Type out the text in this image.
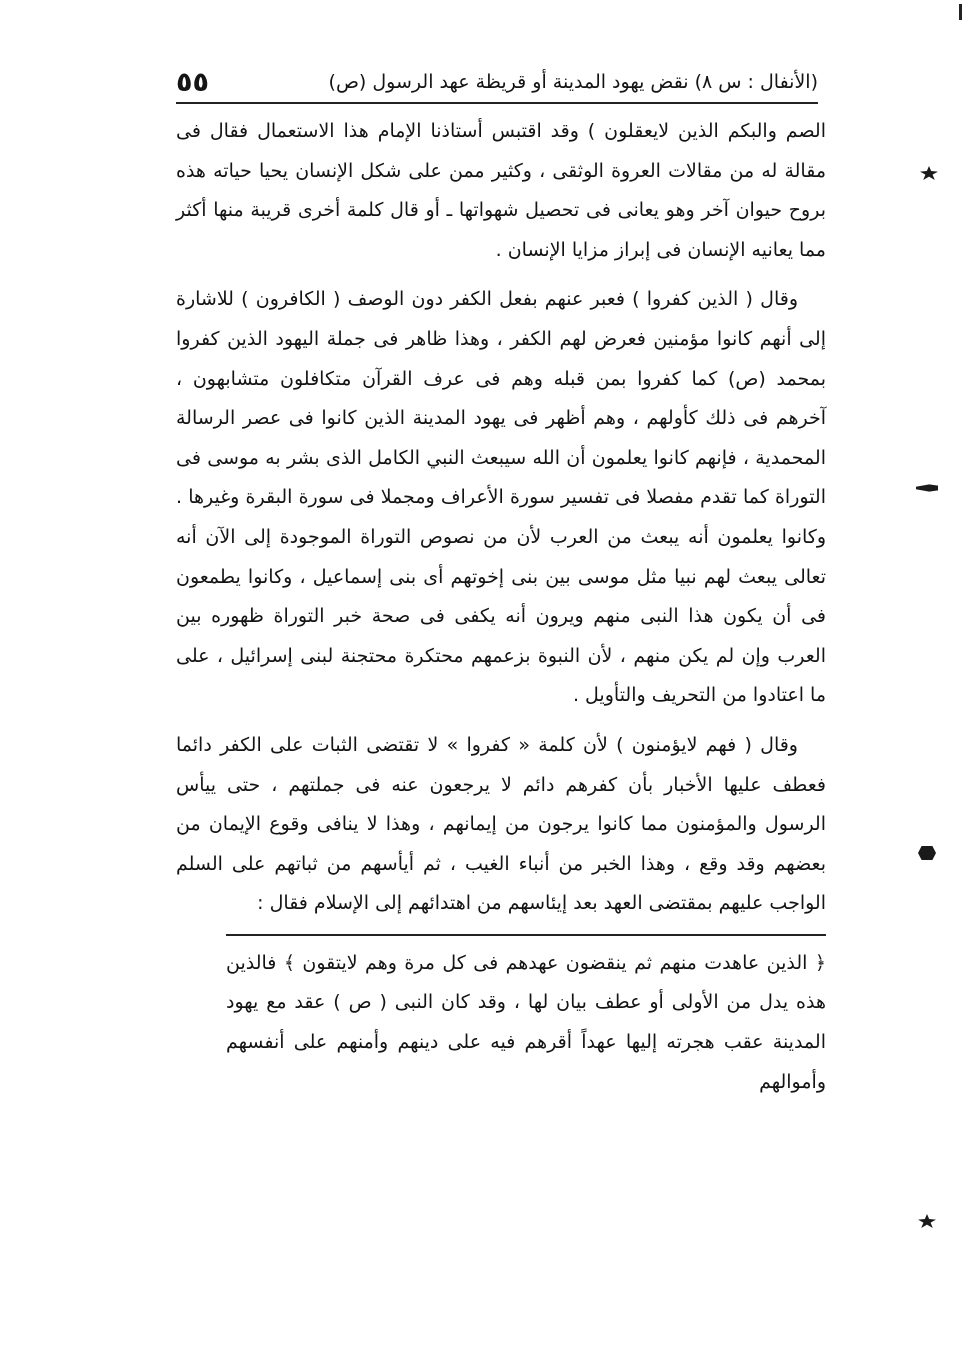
(الأنفال : س ٨) نقض يهود المدينة أو قريظة عهد الرسول (ص)
٥٥

الصم والبكم الذين لايعقلون ) وقد اقتبس أستاذنا الإمام هذا الاستعمال فقال فى مقالة له من مقالات العروة الوثقى ، وكثير ممن على شكل الإنسان يحيا حياته هذه بروح حيوان آخر وهو يعانى فى تحصيل شهواتها ـ أو قال كلمة أخرى قريبة منها أكثر مما يعانيه الإنسان فى إبراز مزايا الإنسان .

وقال ( الذين كفروا ) فعبر عنهم بفعل الكفر دون الوصف ( الكافرون ) للاشارة إلى أنهم كانوا مؤمنين فعرض لهم الكفر ، وهذا ظاهر فى جملة اليهود الذين كفروا بمحمد (ص) كما كفروا بمن قبله وهم فى عرف القرآن متكافلون متشابهون ، آخرهم فى ذلك كأولهم ، وهم أظهر فى يهود المدينة الذين كانوا فى عصر الرسالة المحمدية ، فإنهم كانوا يعلمون أن الله سيبعث النبي الكامل الذى بشر به موسى فى التوراة كما تقدم مفصلا فى تفسير سورة الأعراف ومجملا فى سورة البقرة وغيرها . وكانوا يعلمون أنه يبعث من العرب لأن من نصوص التوراة الموجودة إلى الآن أنه تعالى يبعث لهم نبيا مثل موسى بين بنى إخوتهم أى بنى إسماعيل ، وكانوا يطمعون فى أن يكون هذا النبى منهم ويرون أنه يكفى فى صحة خبر التوراة ظهوره بين العرب وإن لم يكن منهم ، لأن النبوة بزعمهم محتكرة محتجنة لبنى إسرائيل ، على ما اعتادوا من التحريف والتأويل .

وقال ( فهم لايؤمنون ) لأن كلمة « كفروا » لا تقتضى الثبات على الكفر دائما فعطف عليها الأخبار بأن كفرهم دائم لا يرجعون عنه فى جملتهم ، حتى ييأس الرسول والمؤمنون مما كانوا يرجون من إيمانهم ، وهذا لا ينافى وقوع الإيمان من بعضهم وقد وقع ، وهذا الخبر من أنباء الغيب ، ثم أيأسهم من ثباتهم على السلم الواجب عليهم بمقتضى العهد بعد إيئاسهم من اهتدائهم إلى الإسلام فقال :

﴿ الذين عاهدت منهم ثم ينقضون عهدهم فى كل مرة وهم لايتقون ﴾ فالذين هذه يدل من الأولى أو عطف بيان لها ، وقد كان النبى ( ص ) عقد مع يهود المدينة عقب هجرته إليها عهداً أقرهم فيه على دينهم وأمنهم على أنفسهم وأموالهم
